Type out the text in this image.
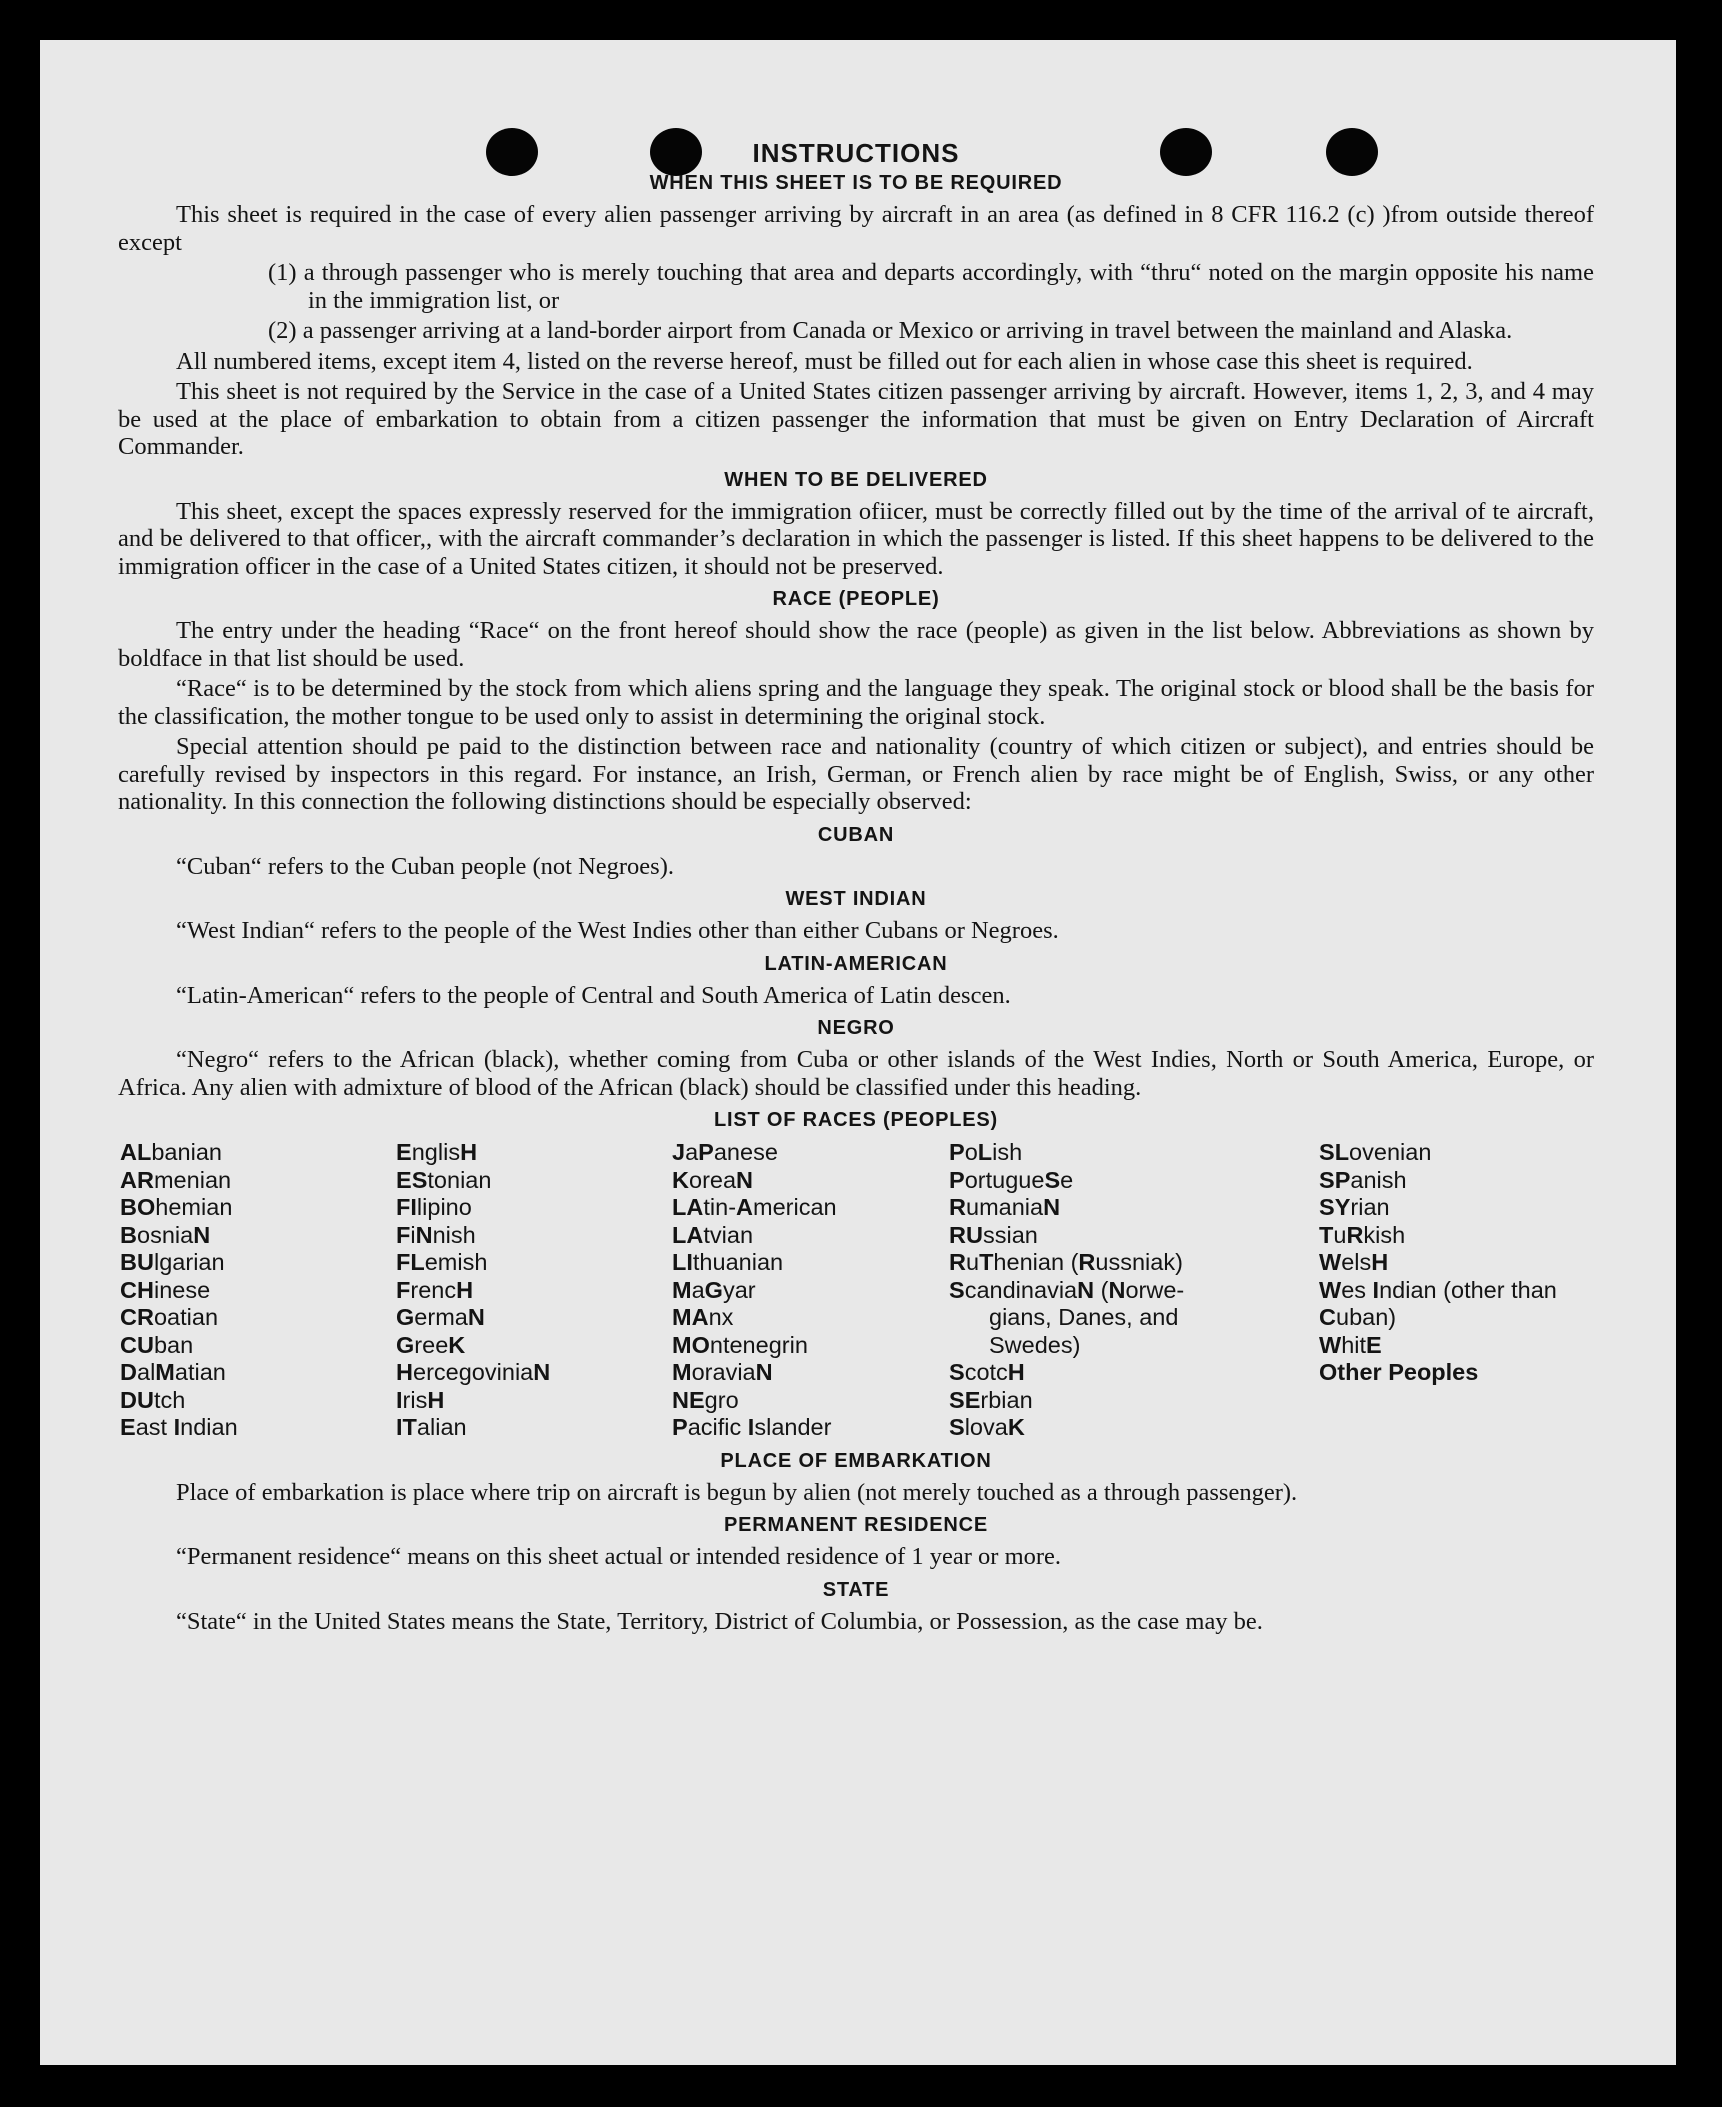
INSTRUCTIONS
WHEN THIS SHEET IS TO BE REQUIRED

This sheet is required in the case of every alien passenger arriving by aircraft in an area (as defined in 8 CFR 116.2 (c) )from outside thereof except

(1) a through passenger who is merely touching that area and departs accordingly, with “thru“ noted on the margin opposite his name in the immigration list, or
(2) a passenger arriving at a land-border airport from Canada or Mexico or arriving in travel between the mainland and Alaska.

All numbered items, except item 4, listed on the reverse hereof, must be filled out for each alien in whose case this sheet is required.

This sheet is not required by the Service in the case of a United States citizen passenger arriving by aircraft. However, items 1, 2, 3, and 4 may be used at the place of embarkation to obtain from a citizen passenger the information that must be given on Entry Declaration of Aircraft Commander.

WHEN TO BE DELIVERED

This sheet, except the spaces expressly reserved for the immigration ofiicer, must be correctly filled out by the time of the arrival of te aircraft, and be delivered to that officer,, with the aircraft commander’s declaration in which the passenger is listed. If this sheet happens to be delivered to the immigration officer in the case of a United States citizen, it should not be preserved.

RACE (PEOPLE)

The entry under the heading “Race“ on the front hereof should show the race (people) as given in the list below. Abbreviations as shown by boldface in that list should be used.

“Race“ is to be determined by the stock from which aliens spring and the language they speak. The original stock or blood shall be the basis for the classification, the mother tongue to be used only to assist in determining the original stock.

Special attention should pe paid to the distinction between race and nationality (country of which citizen or subject), and entries should be carefully revised by inspectors in this regard. For instance, an Irish, German, or French alien by race might be of English, Swiss, or any other nationality. In this connection the following distinctions should be especially observed:

CUBAN

“Cuban“ refers to the Cuban people (not Negroes).

WEST INDIAN

“West Indian“ refers to the people of the West Indies other than either Cubans or Negroes.

LATIN-AMERICAN

“Latin-American“ refers to the people of Central and South America of Latin descen.

NEGRO

“Negro“ refers to the African (black), whether coming from Cuba or other islands of the West Indies, North or South America, Europe, or Africa. Any alien with admixture of blood of the African (black) should be classified under this heading.

LIST OF RACES (PEOPLES)
ALbanian
ARmenian
BOhemian
BosniaN
BUlgarian
CHinese
CRoatian
CUban
DalMatian
DUtch
East Indian
EnglisH
EStonian
FIlipino
FiNnish
FLemish
FrencH
GermaN
GreeK
HercegoviniaN
IrisH
ITalian
JaPanese
KoreaN
LAtin-American
LAtvian
LIthuanian
MaGyar
MAnx
MOntenegrin
MoraviaN
NEgro
Pacific Islander
PoLish
PortugueSe
RumaniaN
RUssian
RuThenian (Russniak)
ScandinaviaN (Norwe-
gians, Danes, and
Swedes)
ScotcH
SErbian
SlovaK
SLovenian
SPanish
SYrian
TuRkish
WelsH
Wes Indian (other than Cuban)
WhitE
Other Peoples
PLACE OF EMBARKATION

Place of embarkation is place where trip on aircraft is begun by alien (not merely touched as a through passenger).

PERMANENT RESIDENCE

“Permanent residence“ means on this sheet actual or intended residence of 1 year or more.

STATE

“State“ in the United States means the State, Territory, District of Columbia, or Possession, as the case may be.
